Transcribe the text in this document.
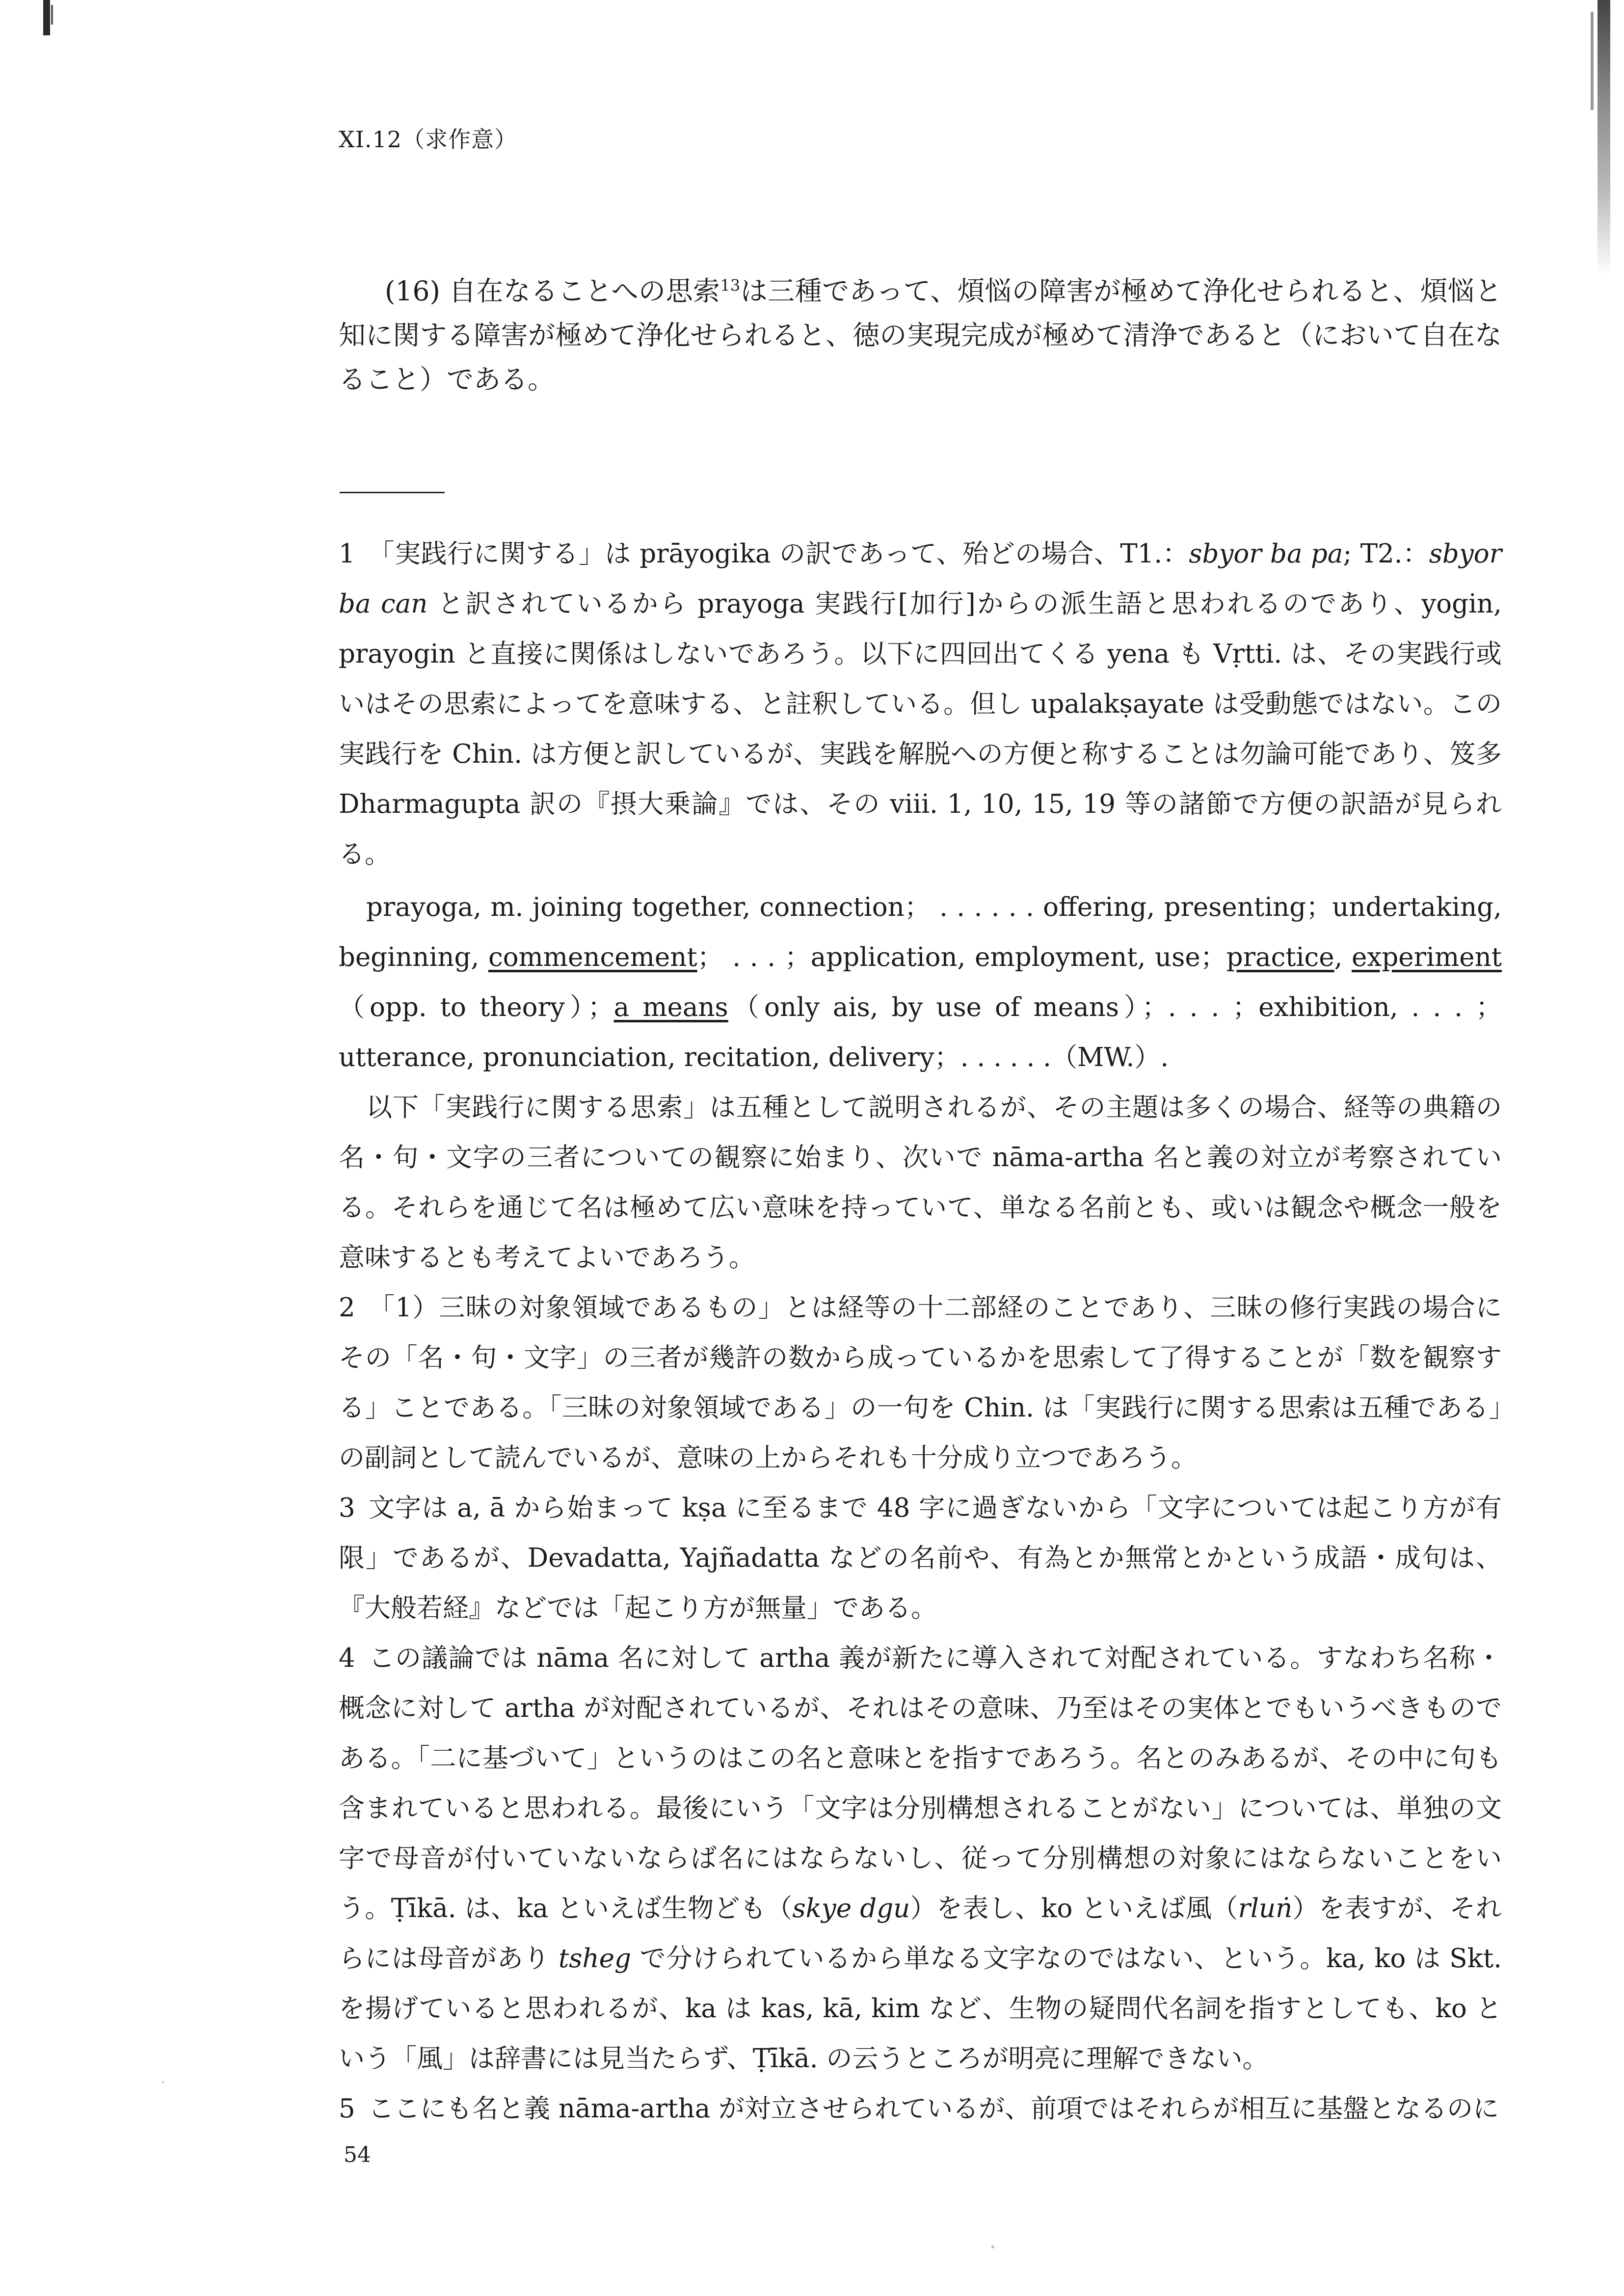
XI.12（求作意）

(16) 自在なることへの思索$^{13}$は三種であって、煩悩の障害が極めて浄化せられると、煩悩と知に関する障害が極めて浄化せられると、徳の実現完成が極めて清浄であると（において自在なること）である。

1 「実践行に関する」は prāyogika の訳であって、殆どの場合、T1.：sbyor ba pa; T2.：sbyor ba can と訳されているから prayoga 実践行[加行]からの派生語と思われるのであり、yogin, prayogin と直接に関係はしないであろう。以下に四回出てくる yena も Vṛtti. は、その実践行或いはその思索によってを意味する、と註釈している。但し upalakṣayate は受動態ではない。この実践行を Chin. は方便と訳しているが、実践を解脱への方便と称することは勿論可能であり、笈多 Dharmagupta 訳の『摂大乗論』では、その viii. 1, 10, 15, 19 等の諸節で方便の訳語が見られる。

prayoga, m. joining together, connection； . . . . . . offering, presenting；undertaking, beginning, commencement； . . . ；application, employment, use；practice, experiment（opp. to theory）；a means（only ais, by use of means）；. . . ；exhibition, . . . ；utterance, pronunciation, recitation, delivery；. . . . . .（MW.）.

以下「実践行に関する思索」は五種として説明されるが、その主題は多くの場合、経等の典籍の名・句・文字の三者についての観察に始まり、次いで nāma-artha 名と義の対立が考察されている。それらを通じて名は極めて広い意味を持っていて、単なる名前とも、或いは観念や概念一般を意味するとも考えてよいであろう。

2 「1）三昧の対象領域であるもの」とは経等の十二部経のことであり、三昧の修行実践の場合にその「名・句・文字」の三者が幾許の数から成っているかを思索して了得することが「数を観察する」ことである。「三昧の対象領域である」の一句を Chin. は「実践行に関する思索は五種である」の副詞として読んでいるが、意味の上からそれも十分成り立つであろう。

3 文字は a, ā から始まって kṣa に至るまで 48 字に過ぎないから「文字については起こり方が有限」であるが、Devadatta, Yajñadatta などの名前や、有為とか無常とかという成語・成句は、『大般若経』などでは「起こり方が無量」である。

4 この議論では nāma 名に対して artha 義が新たに導入されて対配されている。すなわち名称・概念に対して artha が対配されているが、それはその意味、乃至はその実体とでもいうべきものである。「二に基づいて」というのはこの名と意味とを指すであろう。名とのみあるが、その中に句も含まれていると思われる。最後にいう「文字は分別構想されることがない」については、単独の文字で母音が付いていないならば名にはならないし、従って分別構想の対象にはならないことをいう。Ṭīkā. は、ka といえば生物ども（skye dgu）を表し、ko といえば風（rluṅ）を表すが、それらには母音があり tsheg で分けられているから単なる文字なのではない、という。ka, ko は Skt. を揚げていると思われるが、ka は kas, kā, kim など、生物の疑問代名詞を指すとしても、ko という「風」は辞書には見当たらず、Ṭīkā. の云うところが明亮に理解できない。

5 ここにも名と義 nāma-artha が対立させられているが、前項ではそれらが相互に基盤となるのに

54
